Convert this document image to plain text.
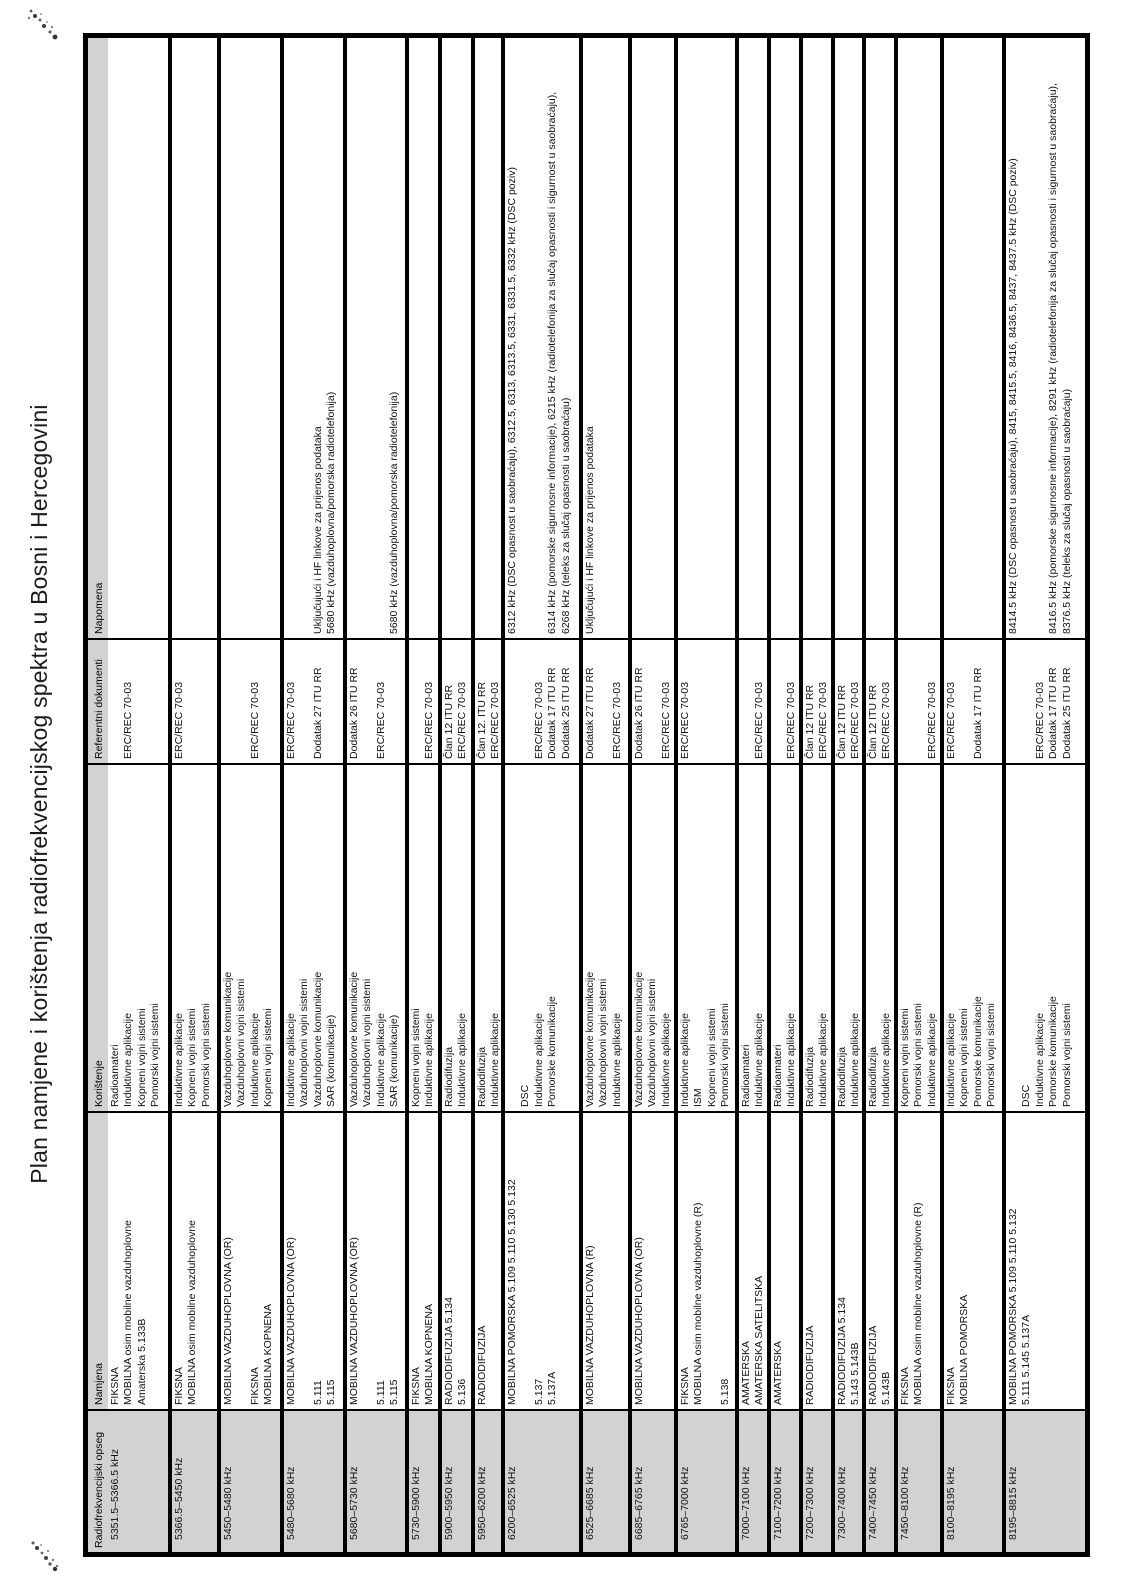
Plan namjene i korištenja radiofrekvencijskog spektra u Bosni i Hercegovini
Radiofrekvencijski opseg
Namjena
Korištenje
Referentni dokumenti
Napomena
5351.5–5366.5 kHz
FIKSNA MOBILNA osim mobilne vazduhoplovne Amaterska 5.133B
Radioamateri Induktivne aplikacije Kopneni vojni sistemi Pomorski vojni sistemi
ERC/REC 70-03
5366.5–5450 kHz
FIKSNA MOBILNA osim mobilne vazduhoplovne
Induktivne aplikacije Kopneni vojni sistemi Pomorski vojni sistemi
ERC/REC 70-03
5450–5480 kHz
MOBILNA VAZDUHOPLOVNA (OR) FIKSNA MOBILNA KOPNENA
Vazduhoplovne komunikacije Vazduhoplovni vojni sistemi Induktivne aplikacije Kopneni vojni sistemi
ERC/REC 70-03
5480–5680 kHz
MOBILNA VAZDUHOPLOVNA (OR) 5.111 5.115
Induktivne aplikacije Vazduhoplovni vojni sistemi Vazduhoplovne komunikacije SAR (komunikacije)
ERC/REC 70-03 Dodatak 27 ITU RR
Uključujući i HF linkove za prijenos podataka 5680 kHz (vazduhoplovna/pomorska radiotelefonija)
5680–5730 kHz
MOBILNA VAZDUHOPLOVNA (OR) 5.111 5.115
Vazduhoplovne komunikacije Vazduhoplovni vojni sistemi Induktivne aplikacije SAR (komunikacije)
Dodatak 26 ITU RR ERC/REC 70-03
5680 kHz (vazduhoplovna/pomorska radiotelefonija)
5730–5900 kHz
FIKSNA MOBILNA KOPNENA
Kopneni vojni sistemi Induktivne aplikacije
ERC/REC 70-03
5900–5950 kHz
RADIODIFUZIJA 5.134 5.136
Radiodifuzija Induktivne aplikacije
Član 12 ITU RR ERC/REC 70-03
5950–6200 kHz
RADIODIFUZIJA
Radiodifuzija Induktivne aplikacije
Član 12. ITU RR ERC/REC 70-03
6200–6525 kHz
MOBILNA POMORSKA 5.109 5.110 5.130 5.132 5.137 5.137A
DSC Induktivne aplikacije Pomorske komunikacije
ERC/REC 70-03 Dodatak 17 ITU RR Dodatak 25 ITU RR
6312 kHz (DSC opasnost u saobraćaju), 6312.5, 6313, 6313.5, 6331, 6331.5, 6332 kHz (DSC poziv)	6314 kHz (pomorske sigurnosne informacije), 6215 kHz (radiotelefonija za slučaj opasnosti i sigurnost u saobraćaju), 6268 kHz (teleks za slučaj opasnosti u saobraćaju)
6525–6685 kHz
MOBILNA VAZDUHOPLOVNA (R)
Vazduhoplovne komunikacije Vazduhoplovni vojni sistemi Induktivne aplikacije
Dodatak 27 ITU RR ERC/REC 70-03
Uključujući i HF linkove za prijenos podataka
6685–6765 kHz
MOBILNA VAZDUHOPLOVNA (OR)
Vazduhoplovne komunikacije Vazduhoplovni vojni sistemi Induktivne aplikacije
Dodatak 26 ITU RR ERC/REC 70-03
6765–7000 kHz
FIKSNA MOBILNA osim mobilne vazduhoplovne (R) 5.138
Induktivne aplikacije ISM Kopneni vojni sistemi Pomorski vojni sistemi
ERC/REC 70-03
7000–7100 kHz
AMATERSKA AMATERSKA SATELITSKA
Radioamateri Induktivne aplikacije
ERC/REC 70-03
7100–7200 kHz
AMATERSKA
Radioamateri Induktivne aplikacije
ERC/REC 70-03
7200–7300 kHz
RADIODIFUZIJA
Radiodifuzija Induktivne aplikacije
Član 12 ITU RR ERC/REC 70-03
7300–7400 kHz
RADIODIFUZIJA 5.134 5.143 5.143B
Radiodifuzija Induktivne aplikacije
Član 12 ITU RR ERC/REC 70-03
7400–7450 kHz
RADIODIFUZIJA 5.143B
Radiodifuzija Induktivne aplikacije
Član 12 ITU RR ERC/REC 70-03
7450–8100 kHz
FIKSNA MOBILNA osim mobilne vazduhoplovne (R)
Kopneni vojni sistemi Pomorski vojni sistemi Induktivne aplikacije
ERC/REC 70-03
8100–8195 kHz
FIKSNA MOBILNA POMORSKA
Induktivne aplikacije Kopneni vojni sistemi Pomorske komunikacije Pomorski vojni sistemi
ERC/REC 70-03 Dodatak 17 ITU RR
8195–8815 kHz
MOBILNA POMORSKA 5.109 5.110 5.132 5.111 5.145 5.137A
DSC Induktivne aplikacije Pomorske komunikacije Pomorski vojni sistemi
ERC/REC 70-03 Dodatak 17 ITU RR Dodatak 25 ITU RR
8414.5 kHz (DSC opasnost u saobraćaju), 8415, 8415.5, 8416, 8436.5, 8437, 8437.5 kHz (DSC poziv)	8416.5 kHz (pomorske sigurnosne informacije), 8291 kHz (radiotelefonija za slučaj opasnosti i sigurnost u saobraćaju), 8376.5 kHz (teleks za slučaj opasnosti u saobraćaju)
